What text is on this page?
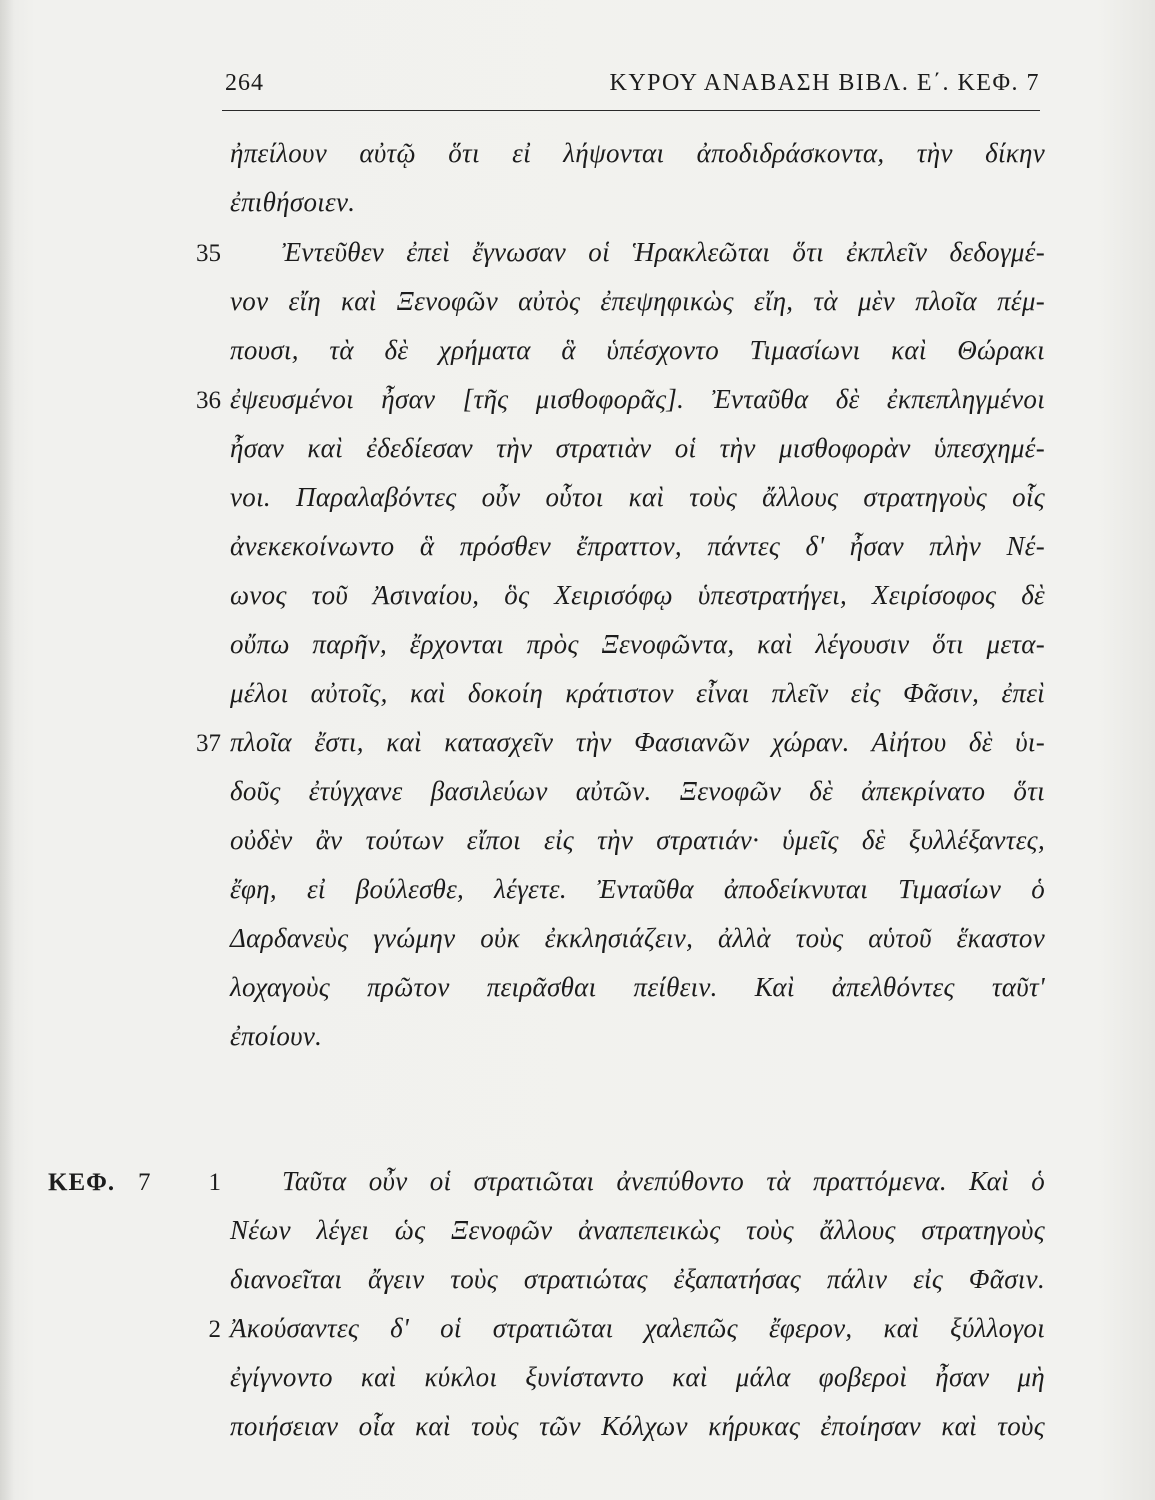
264	ΚΥΡΟΥ ΑΝΑΒΑΣΗ ΒΙΒΛ. Ε΄. ΚΕΦ. 7
ἠπείλουν αὐτῷ ὅτι εἰ λήψονται ἀποδιδράσκοντα, τὴν δίκην
ἐπιθήσοιεν.
35 Ἐντεῦθεν ἐπεὶ ἔγνωσαν οἱ Ἡρακλεῶται ὅτι ἐκπλεῖν δεδογμέ-
νον εἴη καὶ Ξενοφῶν αὐτὸς ἐπεψηφικὼς εἴη, τὰ μὲν πλοῖα πέμ-
πουσι, τὰ δὲ χρήματα ἃ ὑπέσχοντο Τιμασίωνι καὶ Θώρακι
36 ἐψευσμένοι ἦσαν [τῆς μισθοφορᾶς]. Ἐνταῦθα δὲ ἐκπεπληγμένοι
ἦσαν καὶ ἐδεδίεσαν τὴν στρατιὰν οἱ τὴν μισθοφορὰν ὑπεσχημέ-
νοι. Παραλαβόντες οὖν οὗτοι καὶ τοὺς ἄλλους στρατηγοὺς οἷς
ἀνεκεκοίνωντο ἃ πρόσθεν ἔπραττον, πάντες δ' ἦσαν πλὴν Νέ-
ωνος τοῦ Ἀσιναίου, ὃς Χειρισόφῳ ὑπεστρατήγει, Χειρίσοφος δὲ
οὔπω παρῆν, ἔρχονται πρὸς Ξενοφῶντα, καὶ λέγουσιν ὅτι μετα-
μέλοι αὐτοῖς, καὶ δοκοίη κράτιστον εἶναι πλεῖν εἰς Φᾶσιν, ἐπεὶ
37 πλοῖα ἔστι, καὶ κατασχεῖν τὴν Φασιανῶν χώραν. Αἰήτου δὲ ὑι-
δοῦς ἐτύγχανε βασιλεύων αὐτῶν. Ξενοφῶν δὲ ἀπεκρίνατο ὅτι
οὐδὲν ἂν τούτων εἴποι εἰς τὴν στρατιάν· ὑμεῖς δὲ ξυλλέξαντες,
ἔφη, εἰ βούλεσθε, λέγετε. Ἐνταῦθα ἀποδείκνυται Τιμασίων ὁ
Δαρδανεὺς γνώμην οὐκ ἐκκλησιάζειν, ἀλλὰ τοὺς αὑτοῦ ἕκαστον
λοχαγοὺς πρῶτον πειρᾶσθαι πείθειν. Καὶ ἀπελθόντες ταῦτ'
ἐποίουν.
ΚΕΦ. 7	1 Ταῦτα οὖν οἱ στρατιῶται ἀνεπύθοντο τὰ πραττόμενα. Καὶ ὁ
Νέων λέγει ὡς Ξενοφῶν ἀναπεπεικὼς τοὺς ἄλλους στρατηγοὺς
διανοεῖται ἄγειν τοὺς στρατιώτας ἐξαπατήσας πάλιν εἰς Φᾶσιν.
2 Ἀκούσαντες δ' οἱ στρατιῶται χαλεπῶς ἔφερον, καὶ ξύλλογοι
ἐγίγνοντο καὶ κύκλοι ξυνίσταντο καὶ μάλα φοβεροὶ ἦσαν μὴ
ποιήσειαν οἷα καὶ τοὺς τῶν Κόλχων κήρυκας ἐποίησαν καὶ τοὺς
